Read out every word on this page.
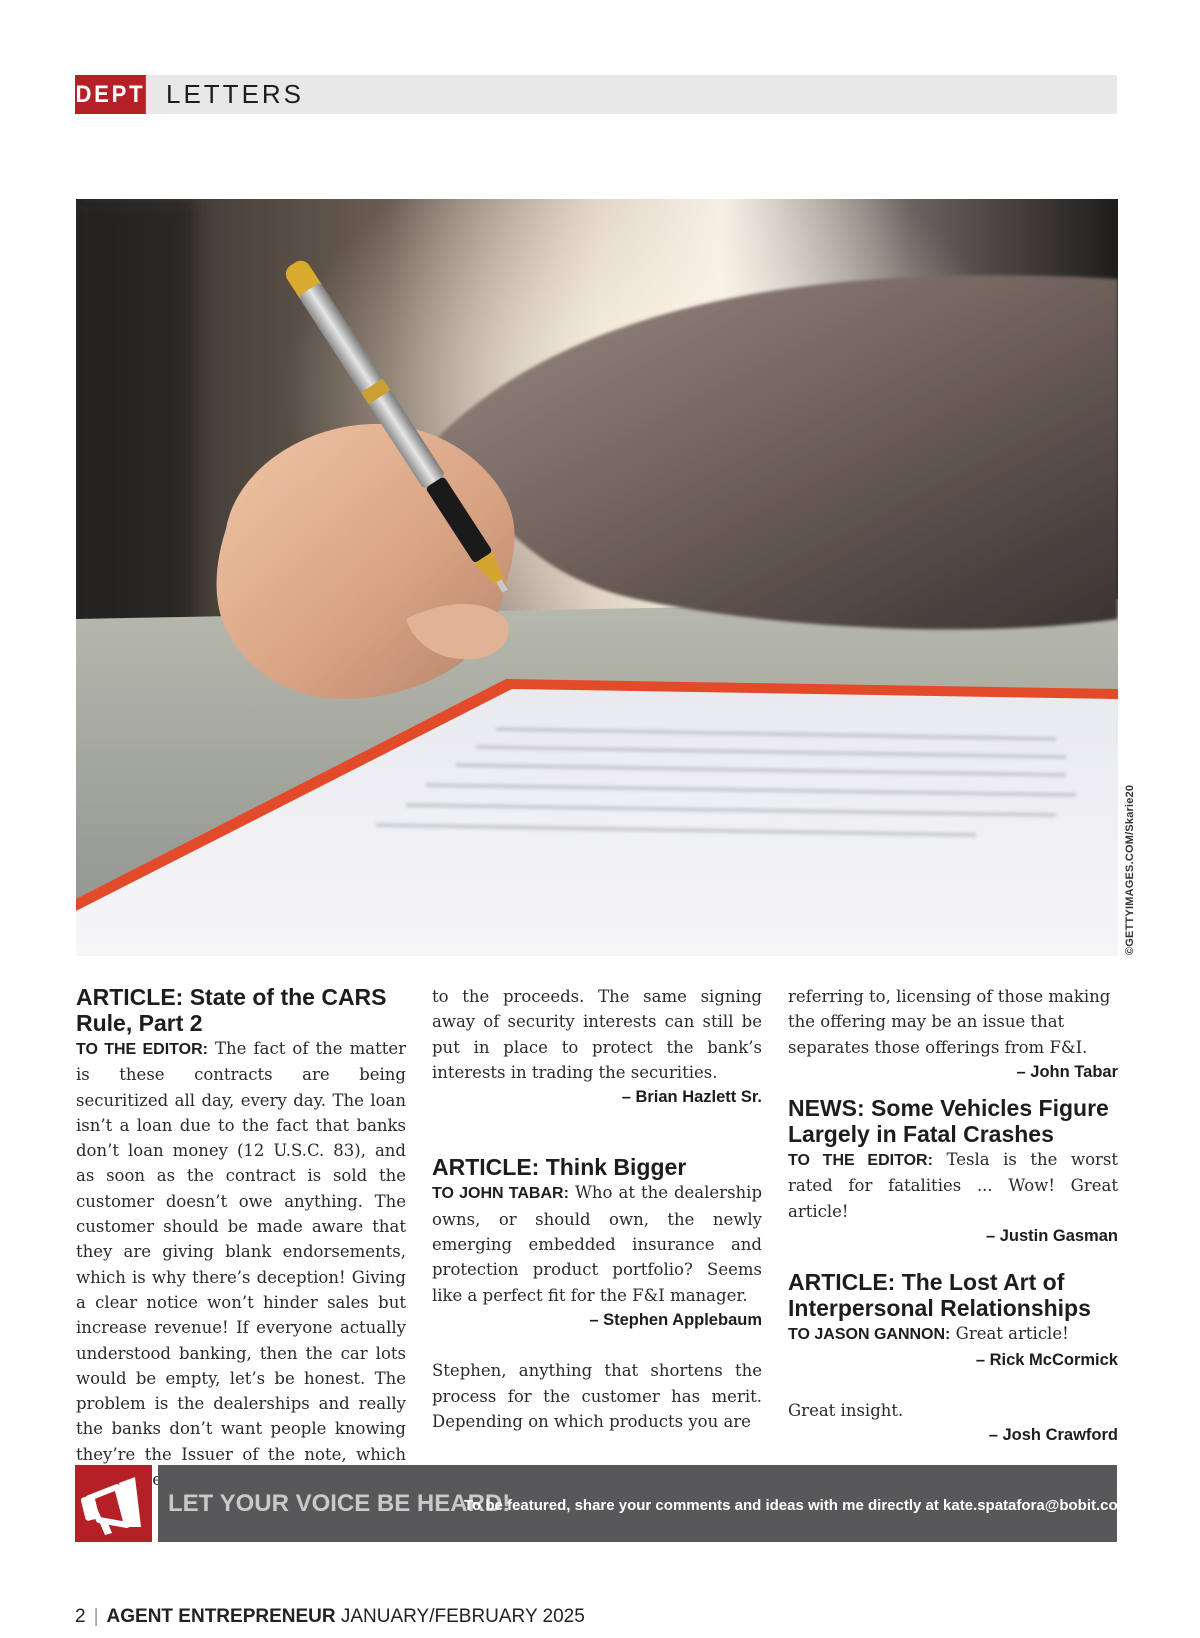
DEPT LETTERS
©GETTYIMAGES.COM/Skarie20
ARTICLE: State of the CARS Rule, Part 2

TO THE EDITOR: The fact of the matter is these contracts are being securitized all day, every day. The loan isn’t a loan due to the fact that banks don’t loan money (12 U.S.C. 83), and as soon as the contract is sold the customer doesn’t owe anything. The customer should be made aware that they are giving blank endorsements, which is why there’s deception! Giving a clear notice won’t hinder sales but increase revenue! If everyone actually understood banking, then the car lots would be empty, let’s be honest. The problem is the dealerships and really the banks don’t want people knowing they’re the Issuer of the note, which them

to the proceeds. The same signing away of security interests can still be put in place to protect the bank’s interests in trading the securities.

– Brian Hazlett Sr.
ARTICLE: Think Bigger

TO JOHN TABAR: Who at the dealership owns, or should own, the newly emerging embedded insurance and protection product portfolio? Seems like a perfect fit for the F&I manager.

– Stephen Applebaum

Stephen, anything that shortens the process for the customer has merit. Depending on which products you are

referring to, licensing of those making the offering may be an issue that separates those offerings from F&I.

– John Tabar
NEWS: Some Vehicles Figure Largely in Fatal Crashes

TO THE EDITOR: Tesla is the worst rated for fatalities ... Wow! Great article!

– Justin Gasman
ARTICLE: The Lost Art of Interpersonal Relationships

TO JASON GANNON: Great article!

– Rick McCormick

Great insight.

– Josh Crawford
LET YOUR VOICE BE HEARD!
To be featured, share your comments and ideas with me directly at kate.spatafora@bobit.com
2 | AGENT ENTREPRENEUR JANUARY/FEBRUARY 2025
